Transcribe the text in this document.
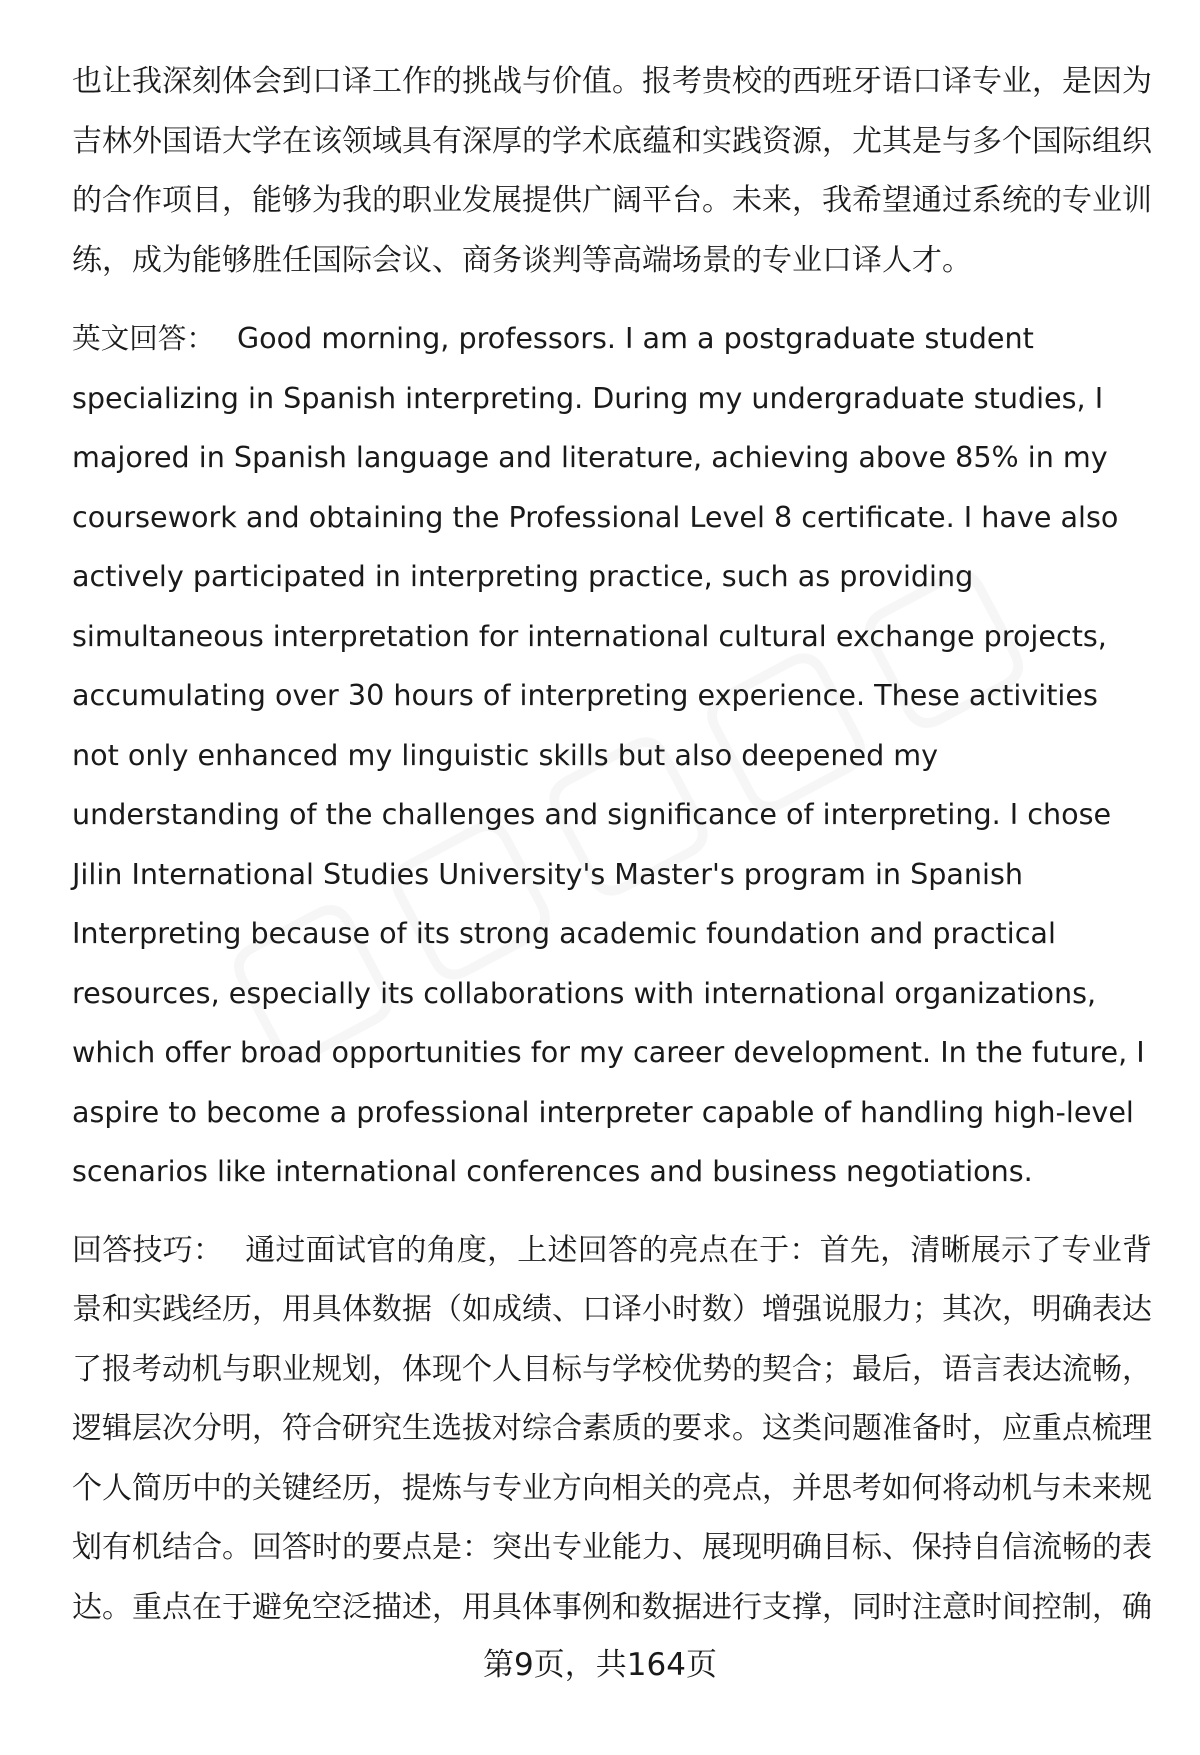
也让我深刻体会到口译工作的挑战与价值。报考贵校的西班牙语口译专业，是因为吉林外国语大学在该领域具有深厚的学术底蕴和实践资源，尤其是与多个国际组织的合作项目，能够为我的职业发展提供广阔平台。未来，我希望通过系统的专业训练，成为能够胜任国际会议、商务谈判等高端场景的专业口译人才。

英文回答： Good morning, professors. I am a postgraduate student specializing in Spanish interpreting. During my undergraduate studies, I majored in Spanish language and literature, achieving above 85% in my coursework and obtaining the Professional Level 8 certificate. I have also actively participated in interpreting practice, such as providing simultaneous interpretation for international cultural exchange projects, accumulating over 30 hours of interpreting experience. These activities not only enhanced my linguistic skills but also deepened my understanding of the challenges and significance of interpreting. I chose Jilin International Studies University's Master's program in Spanish Interpreting because of its strong academic foundation and practical resources, especially its collaborations with international organizations, which offer broad opportunities for my career development. In the future, I aspire to become a professional interpreter capable of handling high-level scenarios like international conferences and business negotiations.

回答技巧： 通过面试官的角度，上述回答的亮点在于：首先，清晰展示了专业背景和实践经历，用具体数据（如成绩、口译小时数）增强说服力；其次，明确表达了报考动机与职业规划，体现个人目标与学校优势的契合；最后，语言表达流畅，逻辑层次分明，符合研究生选拔对综合素质的要求。这类问题准备时，应重点梳理个人简历中的关键经历，提炼与专业方向相关的亮点，并思考如何将动机与未来规划有机结合。回答时的要点是：突出专业能力、展现明确目标、保持自信流畅的表达。重点在于避免空泛描述，用具体事例和数据进行支撑，同时注意时间控制，确

第9页，共164页
